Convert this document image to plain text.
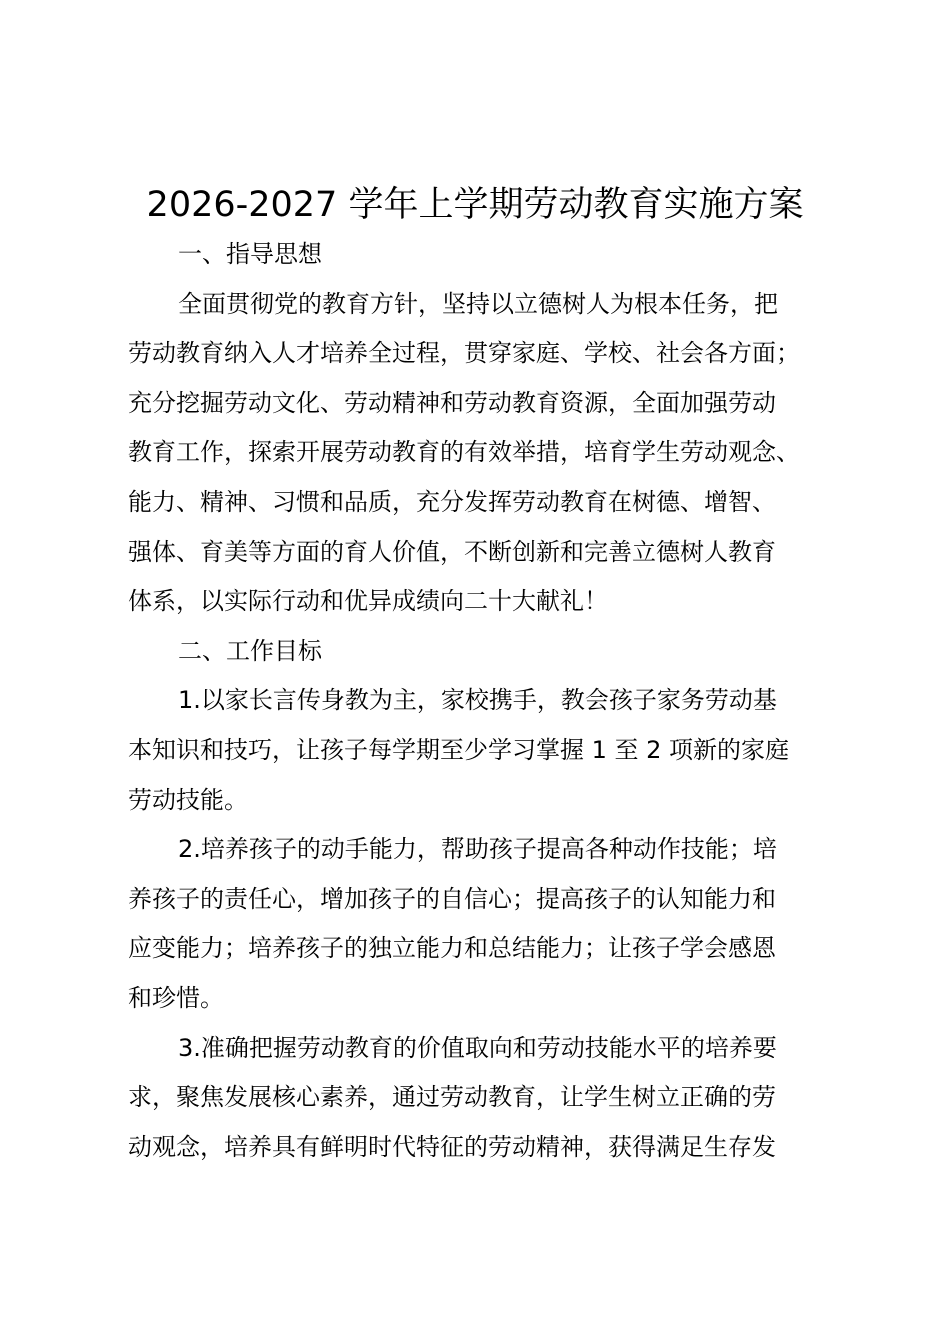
2026-2027 学年上学期劳动教育实施方案
一、指导思想
全面贯彻党的教育方针，坚持以立德树人为根本任务，把
劳动教育纳入人才培养全过程，贯穿家庭、学校、社会各方面；
充分挖掘劳动文化、劳动精神和劳动教育资源，全面加强劳动
教育工作，探索开展劳动教育的有效举措，培育学生劳动观念、
能力、精神、习惯和品质，充分发挥劳动教育在树德、增智、
强体、育美等方面的育人价值，不断创新和完善立德树人教育
体系，以实际行动和优异成绩向二十大献礼！
二、工作目标
1.以家长言传身教为主，家校携手，教会孩子家务劳动基
本知识和技巧，让孩子每学期至少学习掌握 1 至 2 项新的家庭
劳动技能。
2.培养孩子的动手能力，帮助孩子提高各种动作技能；培
养孩子的责任心，增加孩子的自信心；提高孩子的认知能力和
应变能力；培养孩子的独立能力和总结能力；让孩子学会感恩
和珍惜。
3.准确把握劳动教育的价值取向和劳动技能水平的培养要
求，聚焦发展核心素养，通过劳动教育，让学生树立正确的劳
动观念，培养具有鲜明时代特征的劳动精神，获得满足生存发
